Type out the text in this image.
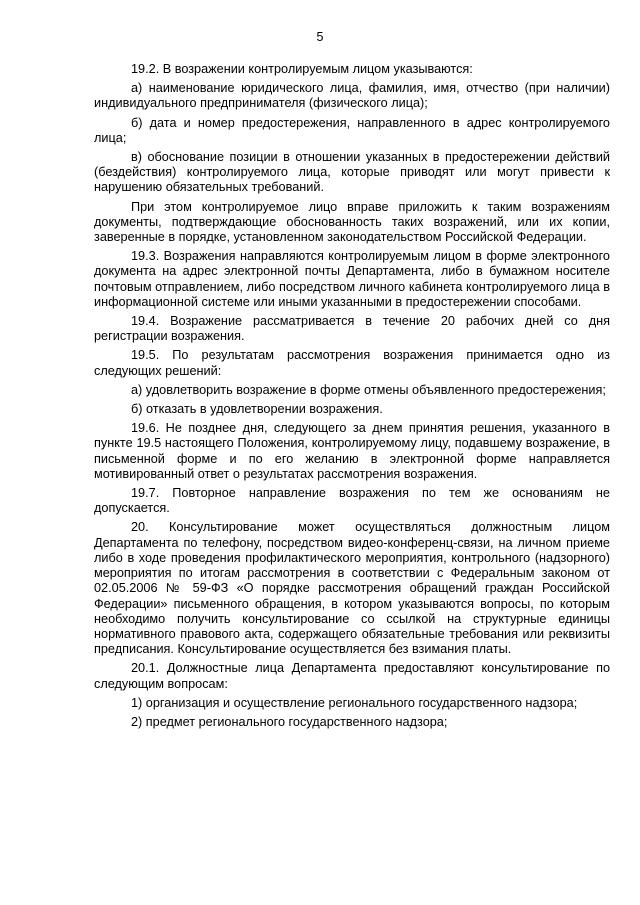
5

19.2. В возражении контролируемым лицом указываются:

а) наименование юридического лица, фамилия, имя, отчество (при наличии) индивидуального предпринимателя (физического лица);

б) дата и номер предостережения, направленного в адрес контролируемого лица;

в) обоснование позиции в отношении указанных в предостережении действий (бездействия) контролируемого лица, которые приводят или могут привести к нарушению обязательных требований.

При этом контролируемое лицо вправе приложить к таким возражениям документы, подтверждающие обоснованность таких возражений, или их копии, заверенные в порядке, установленном законодательством Российской Федерации.

19.3. Возражения направляются контролируемым лицом в форме электронного документа на адрес электронной почты Департамента, либо в бумажном носителе почтовым отправлением, либо посредством личного кабинета контролируемого лица в информационной системе или иными указанными в предостережении способами.

19.4. Возражение рассматривается в течение 20 рабочих дней со дня регистрации возражения.

19.5. По результатам рассмотрения возражения принимается одно из следующих решений:

а) удовлетворить возражение в форме отмены объявленного предостережения;

б) отказать в удовлетворении возражения.

19.6. Не позднее дня, следующего за днем принятия решения, указанного в пункте 19.5 настоящего Положения, контролируемому лицу, подавшему возражение, в письменной форме и по его желанию в электронной форме направляется мотивированный ответ о результатах рассмотрения возражения.

19.7. Повторное направление возражения по тем же основаниям не допускается.

20. Консультирование может осуществляться должностным лицом Департамента по телефону, посредством видео-конференц-связи, на личном приеме либо в ходе проведения профилактического мероприятия, контрольного (надзорного) мероприятия по итогам рассмотрения в соответствии с Федеральным законом от 02.05.2006 № 59-ФЗ «О порядке рассмотрения обращений граждан Российской Федерации» письменного обращения, в котором указываются вопросы, по которым необходимо получить консультирование со ссылкой на структурные единицы нормативного правового акта, содержащего обязательные требования или реквизиты предписания. Консультирование осуществляется без взимания платы.

20.1. Должностные лица Департамента предоставляют консультирование по следующим вопросам:

1) организация и осуществление регионального государственного надзора;

2) предмет регионального государственного надзора;
